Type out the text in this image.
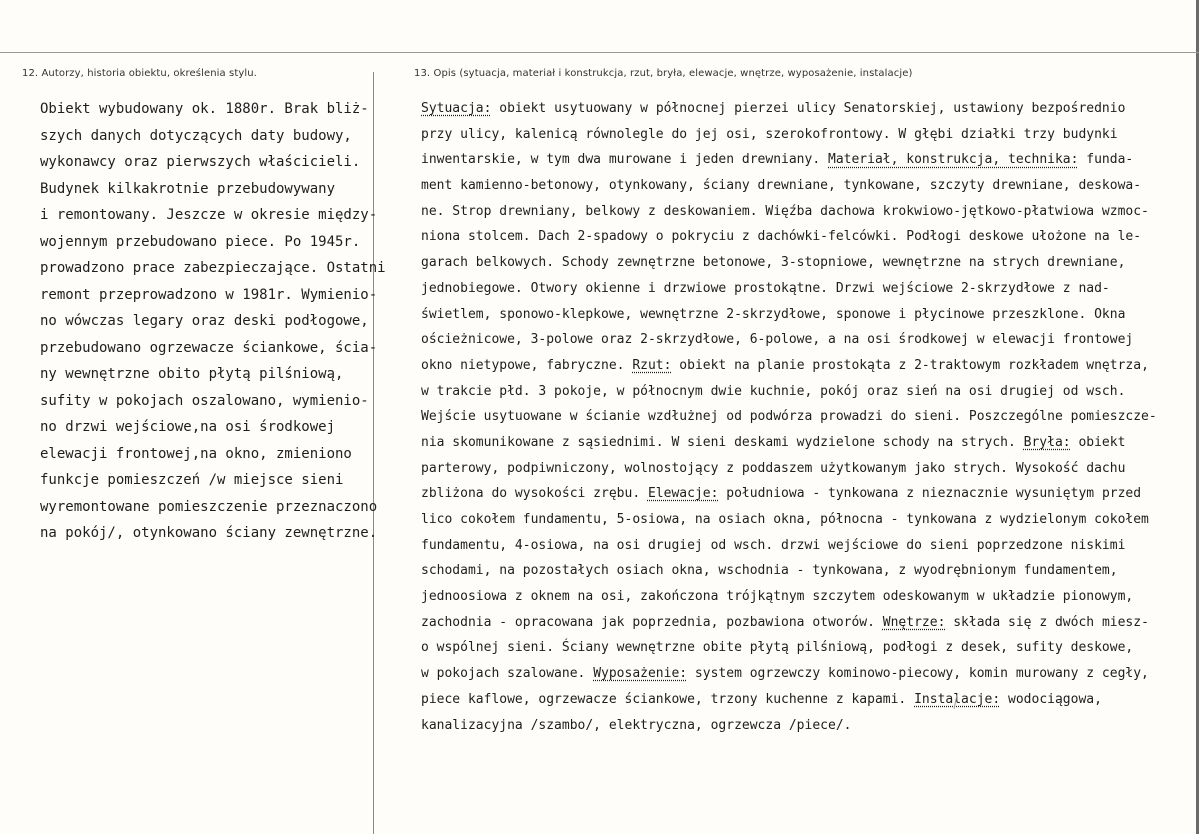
12. Autorzy, historia obiektu, określenia stylu.	13. Opis (sytuacja, materiał i konstrukcja, rzut, bryła, elewacje, wnętrze, wyposażenie, instalacje)
Obiekt wybudowany ok. 1880r. Brak bliż-
szych danych dotyczących daty budowy,
wykonawcy oraz pierwszych właścicieli.
Budynek kilkakrotnie przebudowywany
i remontowany. Jeszcze w okresie między-
wojennym przebudowano piece. Po 1945r.
prowadzono prace zabezpieczające. Ostatni
remont przeprowadzono w 1981r. Wymienio-
no wówczas legary oraz deski podłogowe,
przebudowano ogrzewacze ściankowe, ścia-
ny wewnętrzne obito płytą pilśniową,
sufity w pokojach oszalowano, wymienio-
no drzwi wejściowe,na osi środkowej
elewacji frontowej,na okno, zmieniono
funkcje pomieszczeń /w miejsce sieni
wyremontowane pomieszczenie przeznaczono
na pokój/, otynkowano ściany zewnętrzne.
Sytuacja: obiekt usytuowany w północnej pierzei ulicy Senatorskiej, ustawiony bezpośrednio
przy ulicy, kalenicą równolegle do jej osi, szerokofrontowy. W głębi działki trzy budynki
inwentarskie, w tym dwa murowane i jeden drewniany. Materiał, konstrukcja, technika: funda-
ment kamienno-betonowy, otynkowany, ściany drewniane, tynkowane, szczyty drewniane, deskowa-
ne. Strop drewniany, belkowy z deskowaniem. Więźba dachowa krokwiowo-jętkowo-płatwiowa wzmoc-
niona stolcem. Dach 2-spadowy o pokryciu z dachówki-felcówki. Podłogi deskowe ułożone na le-
garach belkowych. Schody zewnętrzne betonowe, 3-stopniowe, wewnętrzne na strych drewniane,
jednobiegowe. Otwory okienne i drzwiowe prostokątne. Drzwi wejściowe 2-skrzydłowe z nad-
świetlem, sponowo-klepkowe, wewnętrzne 2-skrzydłowe, sponowe i płycinowe przeszklone. Okna
ościeżnicowe, 3-polowe oraz 2-skrzydłowe, 6-polowe, a na osi środkowej w elewacji frontowej
okno nietypowe, fabryczne. Rzut: obiekt na planie prostokąta z 2-traktowym rozkładem wnętrza,
w trakcie płd. 3 pokoje, w północnym dwie kuchnie, pokój oraz sień na osi drugiej od wsch.
Wejście usytuowane w ścianie wzdłużnej od podwórza prowadzi do sieni. Poszczególne pomieszcze-
nia skomunikowane z sąsiednimi. W sieni deskami wydzielone schody na strych. Bryła: obiekt
parterowy, podpiwniczony, wolnostojący z poddaszem użytkowanym jako strych. Wysokość dachu
zbliżona do wysokości zrębu. Elewacje: południowa - tynkowana z nieznacznie wysuniętym przed
lico cokołem fundamentu, 5-osiowa, na osiach okna, północna - tynkowana z wydzielonym cokołem
fundamentu, 4-osiowa, na osi drugiej od wsch. drzwi wejściowe do sieni poprzedzone niskimi
schodami, na pozostałych osiach okna, wschodnia - tynkowana, z wyodrębnionym fundamentem,
jednoosiowa z oknem na osi, zakończona trójkątnym szczytem odeskowanym w układzie pionowym,
zachodnia - opracowana jak poprzednia, pozbawiona otworów. Wnętrze: składa się z dwóch miesz-
o wspólnej sieni. Ściany wewnętrzne obite płytą pilśniową, podłogi z desek, sufity deskowe,
w pokojach szalowane. Wyposażenie: system ogrzewczy kominowo-piecowy, komin murowany z cegły,
piece kaflowe, ogrzewacze ściankowe, trzony kuchenne z kapami. Instalacje: wodociągowa,
kanalizacyjna /szambo/, elektryczna, ogrzewcza /piece/.
